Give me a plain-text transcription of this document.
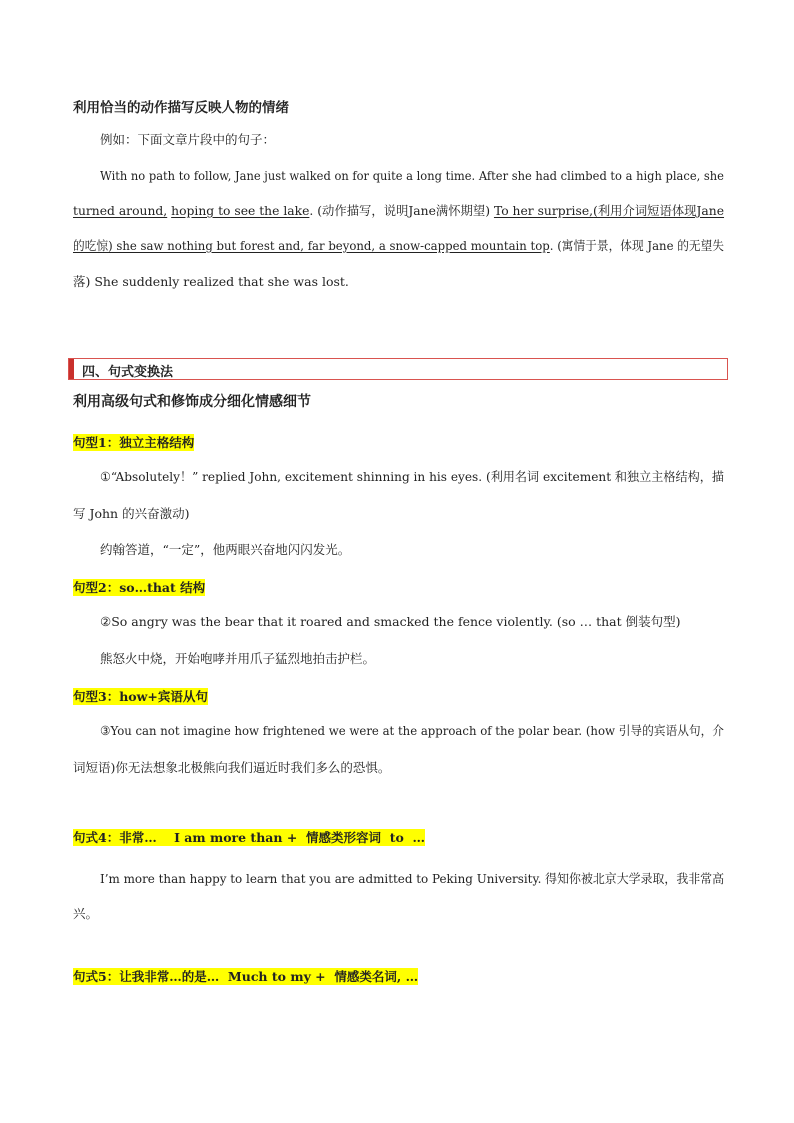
利用恰当的动作描写反映人物的情绪
例如：下面文章片段中的句子：
With no path to follow, Jane just walked on for quite a long time. After she had climbed to a high place, she
turned around, hoping to see the lake. (动作描写，说明Jane满怀期望) To her surprise,(利用介词短语体现Jane
的吃惊) she saw nothing but forest and, far beyond, a snow-capped mountain top. (寓情于景，体现 Jane 的无望失
落) She suddenly realized that she was lost.
四、句式变换法
利用高级句式和修饰成分细化情感细节
句型1：独立主格结构
①“Absolutely！” replied John, excitement shinning in his eyes. (利用名词 excitement 和独立主格结构，描
写 John 的兴奋激动)
约翰答道，“一定”，他两眼兴奋地闪闪发光。
句型2：so…that 结构
②So angry was the bear that it roared and smacked the fence violently. (so … that 倒装句型)
熊怒火中烧，开始咆哮并用爪子猛烈地拍击护栏。
句型3：how+宾语从句
③You can not imagine how frightened we were at the approach of the polar bear. (how 引导的宾语从句，介
词短语)你无法想象北极熊向我们逼近时我们多么的恐惧。
句式4：非常…    I am more than +  情感类形容词  to  …
I’m more than happy to learn that you are admitted to Peking University. 得知你被北京大学录取，我非常高
兴。
句式5：让我非常…的是…  Much to my +  情感类名词, …
